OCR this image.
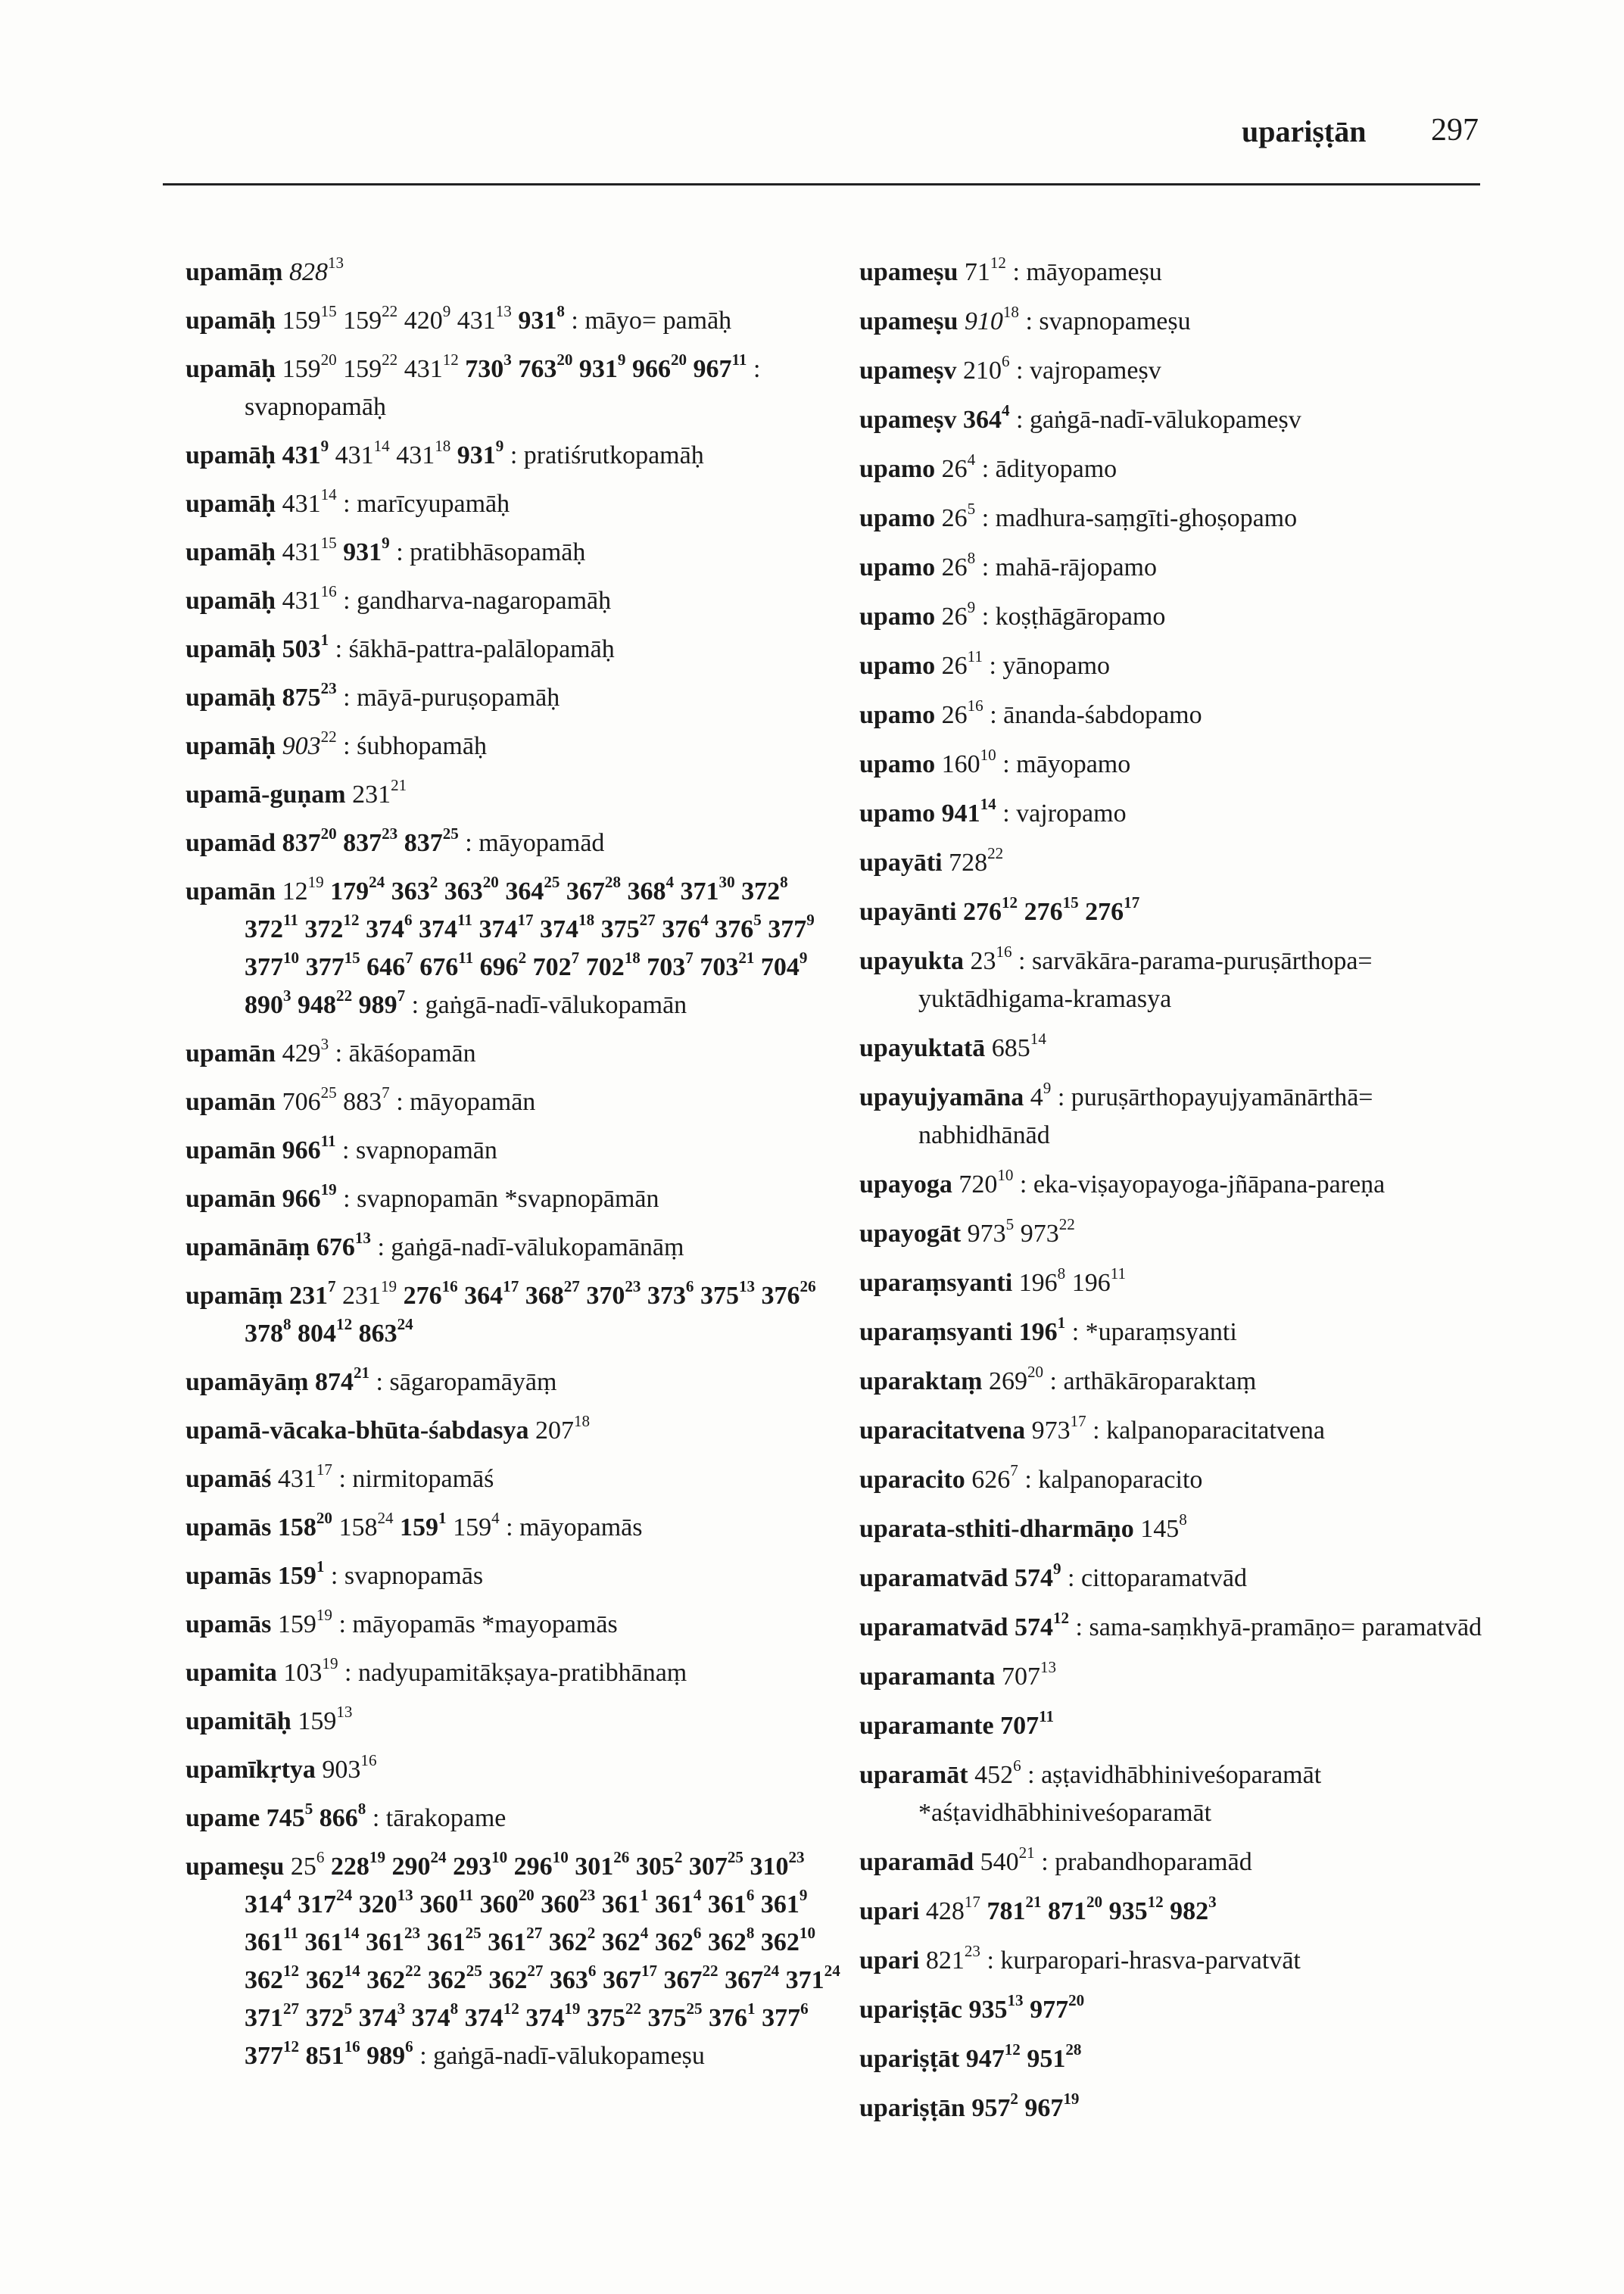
upariṣṭān 297
upamāṃ $828^{13}$
upamāḥ $159^{15}$ $159^{22}$ $420^9$ $431^{13}$ $931^8$ : māyo= pamāḥ
upamāḥ $159^{20}$ $159^{22}$ $431^{12}$ $730^3$ $763^{20}$ $931^9$ $966^{20}$ $967^{11}$ : svapnopamāḥ
upamāḥ $431^9$ $431^{14}$ $431^{18}$ $931^9$ : pratiśrutkopamāḥ
upamāḥ $431^{14}$ : marīcyupamāḥ
upamāḥ $431^{15}$ $931^9$ : pratibhāsopamāḥ
upamāḥ $431^{16}$ : gandharva-nagaropamāḥ
upamāḥ $503^1$ : śākhā-pattra-palālopamāḥ
upamāḥ $875^{23}$ : māyā-puruṣopamāḥ
upamāḥ $903^{22}$ : śubhopamāḥ
upamā-guṇam $231^{21}$
upamād $837^{20}$ $837^{23}$ $837^{25}$ : māyopamād
upamān $12^{19}$ $179^{24}$ $363^2$ $363^{20}$ $364^{25}$ $367^{28}$ $368^4$ $371^{30}$ $372^8$ $372^{11}$ $372^{12}$ $374^6$ $374^{11}$ $374^{17}$ $374^{18}$ $375^{27}$ $376^4$ $376^5$ $377^9$ $377^{10}$ $377^{15}$ $646^7$ $676^{11}$ $696^2$ $702^7$ $702^{18}$ $703^7$ $703^{21}$ $704^9$ $890^3$ $948^{22}$ $989^7$ : gaṅgā-nadī-vālukopamān
upamān $429^3$ : ākāśopamān
upamān $706^{25}$ $883^7$ : māyopamān
upamān $966^{11}$ : svapnopamān
upamān $966^{19}$ : svapnopamān *svapnopāmān
upamānāṃ $676^{13}$ : gaṅgā-nadī-vālukopamānāṃ
upamāṃ $231^7$ $231^{19}$ $276^{16}$ $364^{17}$ $368^{27}$ $370^{23}$ $373^6$ $375^{13}$ $376^{26}$ $378^8$ $804^{12}$ $863^{24}$
upamāyāṃ $874^{21}$ : sāgaropamāyāṃ
upamā-vācaka-bhūta-śabdasya $207^{18}$
upamāś $431^{17}$ : nirmitopamāś
upamās $158^{20}$ $158^{24}$ $159^1$ $159^4$ : māyopamās
upamās $159^1$ : svapnopamās
upamās $159^{19}$ : māyopamās *mayopamās
upamita $103^{19}$ : nadyupamitākṣaya-pratibhānaṃ
upamitāḥ $159^{13}$
upamīkṛtya $903^{16}$
upame $745^5$ $866^8$ : tārakopame
upameṣu $25^6$ $228^{19}$ $290^{24}$ $293^{10}$ $296^{10}$ $301^{26}$ $305^2$ $307^{25}$ $310^{23}$ $314^4$ $317^{24}$ $320^{13}$ $360^{11}$ $360^{20}$ $360^{23}$ $361^1$ $361^4$ $361^6$ $361^9$ $361^{11}$ $361^{14}$ $361^{23}$ $361^{25}$ $361^{27}$ $362^2$ $362^4$ $362^6$ $362^8$ $362^{10}$ $362^{12}$ $362^{14}$ $362^{22}$ $362^{25}$ $362^{27}$ $363^6$ $367^{17}$ $367^{22}$ $367^{24}$ $371^{24}$ $371^{27}$ $372^5$ $374^3$ $374^8$ $374^{12}$ $374^{19}$ $375^{22}$ $375^{25}$ $376^1$ $377^6$ $377^{12}$ $851^{16}$ $989^6$ : gaṅgā-nadī-vālukopameṣu
upameṣu $71^{12}$ : māyopameṣu
upameṣu $910^{18}$ : svapnopameṣu
upameṣv $210^6$ : vajropameṣv
upameṣv $364^4$ : gaṅgā-nadī-vālukopameṣv
upamo $26^4$ : ādityopamo
upamo $26^5$ : madhura-saṃgīti-ghoṣopamo
upamo $26^8$ : mahā-rājopamo
upamo $26^9$ : koṣṭhāgāropamo
upamo $26^{11}$ : yānopamo
upamo $26^{16}$ : ānanda-śabdopamo
upamo $160^{10}$ : māyopamo
upamo $941^{14}$ : vajropamo
upayāti $728^{22}$
upayānti $276^{12}$ $276^{15}$ $276^{17}$
upayukta $23^{16}$ : sarvākāra-parama-puruṣārthopa= yuktādhigama-kramasya
upayuktatā $685^{14}$
upayujyamāna $4^9$ : puruṣārthopayujyamānārthā= nabhidhānād
upayoga $720^{10}$ : eka-viṣayopayoga-jñāpana-pareṇa
upayogāt $973^5$ $973^{22}$
uparaṃsyanti $196^8$ $196^{11}$
uparaṃsyanti $196^1$ : *uparaṃsyanti
uparaktaṃ $269^{20}$ : arthākāroparaktaṃ
uparacitatvena $973^{17}$ : kalpanoparacitatvena
uparacito $626^7$ : kalpanoparacito
uparata-sthiti-dharmāṇo $145^8$
uparamatvād $574^9$ : cittoparamatvād
uparamatvād $574^{12}$ : sama-saṃkhyā-pramāṇo= paramatvād
uparamanta $707^{13}$
uparamante $707^{11}$
uparamāt $452^6$ : aṣṭavidhābhiniveśoparamāt *aśṭavidhābhiniveśoparamāt
uparamād $540^{21}$ : prabandhoparamād
upari $428^{17}$ $781^{21}$ $871^{20}$ $935^{12}$ $982^3$
upari $821^{23}$ : kurparopari-hrasva-parvatvāt
upariṣṭāc $935^{13}$ $977^{20}$
upariṣṭāt $947^{12}$ $951^{28}$
upariṣṭān $957^2$ $967^{19}$
